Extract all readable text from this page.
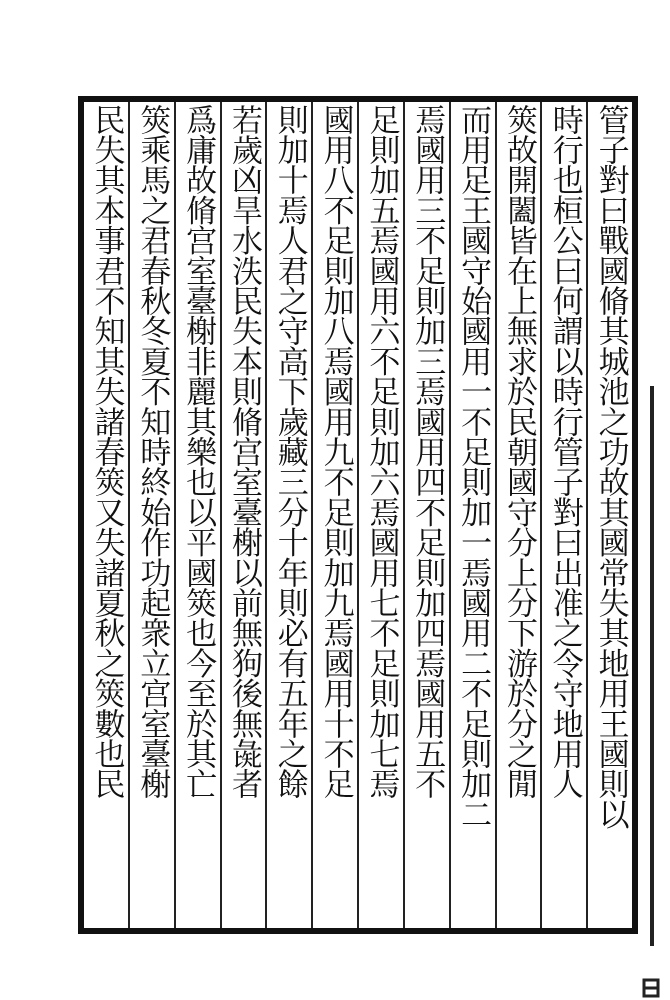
管子對曰戰國脩其城池之功故其國常失其地用王國則以
時行也桓公曰何謂以時行管子對曰出准之令守地用人
筴故開闔皆在上無求於民朝國守分上分下游於分之閒
而用足王國守始國用一不足則加一焉國用二不足則加二
焉國用三不足則加三焉國用四不足則加四焉國用五不
足則加五焉國用六不足則加六焉國用七不足則加七焉
國用八不足則加八焉國用九不足則加九焉國用十不足
則加十焉人君之守高下歲藏三分十年則必有五年之餘
若歲凶旱水泆民失本則脩宫室臺榭以前無狗後無彘者
爲庸故脩宫室臺榭非麗其樂也以平國筴也今至於其亡
筴乘馬之君春秋冬夏不知時終始作功起衆立宫室臺榭
民失其本事君不知其失諸春筴又失諸夏秋之筴數也民
